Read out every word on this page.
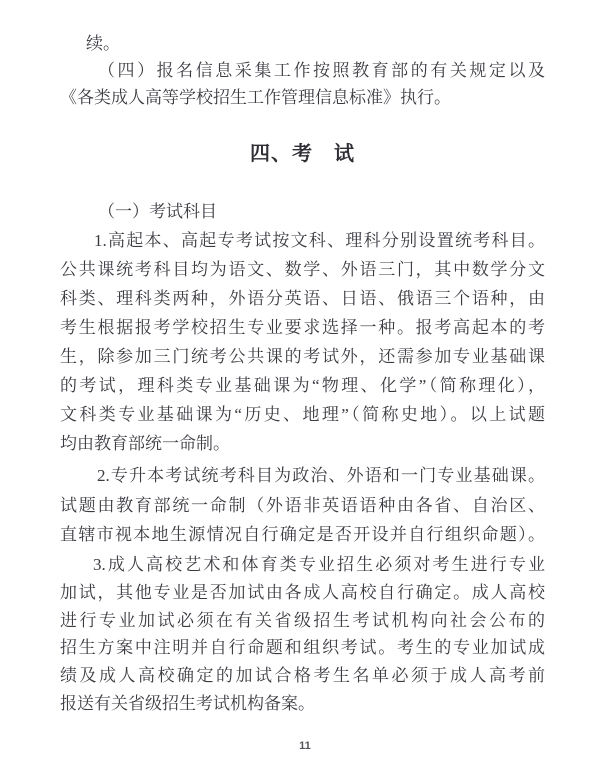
续。
（四）报名信息采集工作按照教育部的有关规定以及
《各类成人高等学校招生工作管理信息标准》执行。
四、考　试
（一）考试科目
1.高起本、高起专考试按文科、理科分别设置统考科目。
公共课统考科目均为语文、数学、外语三门，其中数学分文
科类、理科类两种，外语分英语、日语、俄语三个语种，由
考生根据报考学校招生专业要求选择一种。报考高起本的考
生，除参加三门统考公共课的考试外，还需参加专业基础课
的考试，理科类专业基础课为“物理、化学”（简称理化），
文科类专业基础课为“历史、地理”（简称史地）。以上试题
均由教育部统一命制。
2.专升本考试统考科目为政治、外语和一门专业基础课。
试题由教育部统一命制（外语非英语语种由各省、自治区、
直辖市视本地生源情况自行确定是否开设并自行组织命题）。
3.成人高校艺术和体育类专业招生必须对考生进行专业
加试，其他专业是否加试由各成人高校自行确定。成人高校
进行专业加试必须在有关省级招生考试机构向社会公布的
招生方案中注明并自行命题和组织考试。考生的专业加试成
绩及成人高校确定的加试合格考生名单必须于成人高考前
报送有关省级招生考试机构备案。
11
